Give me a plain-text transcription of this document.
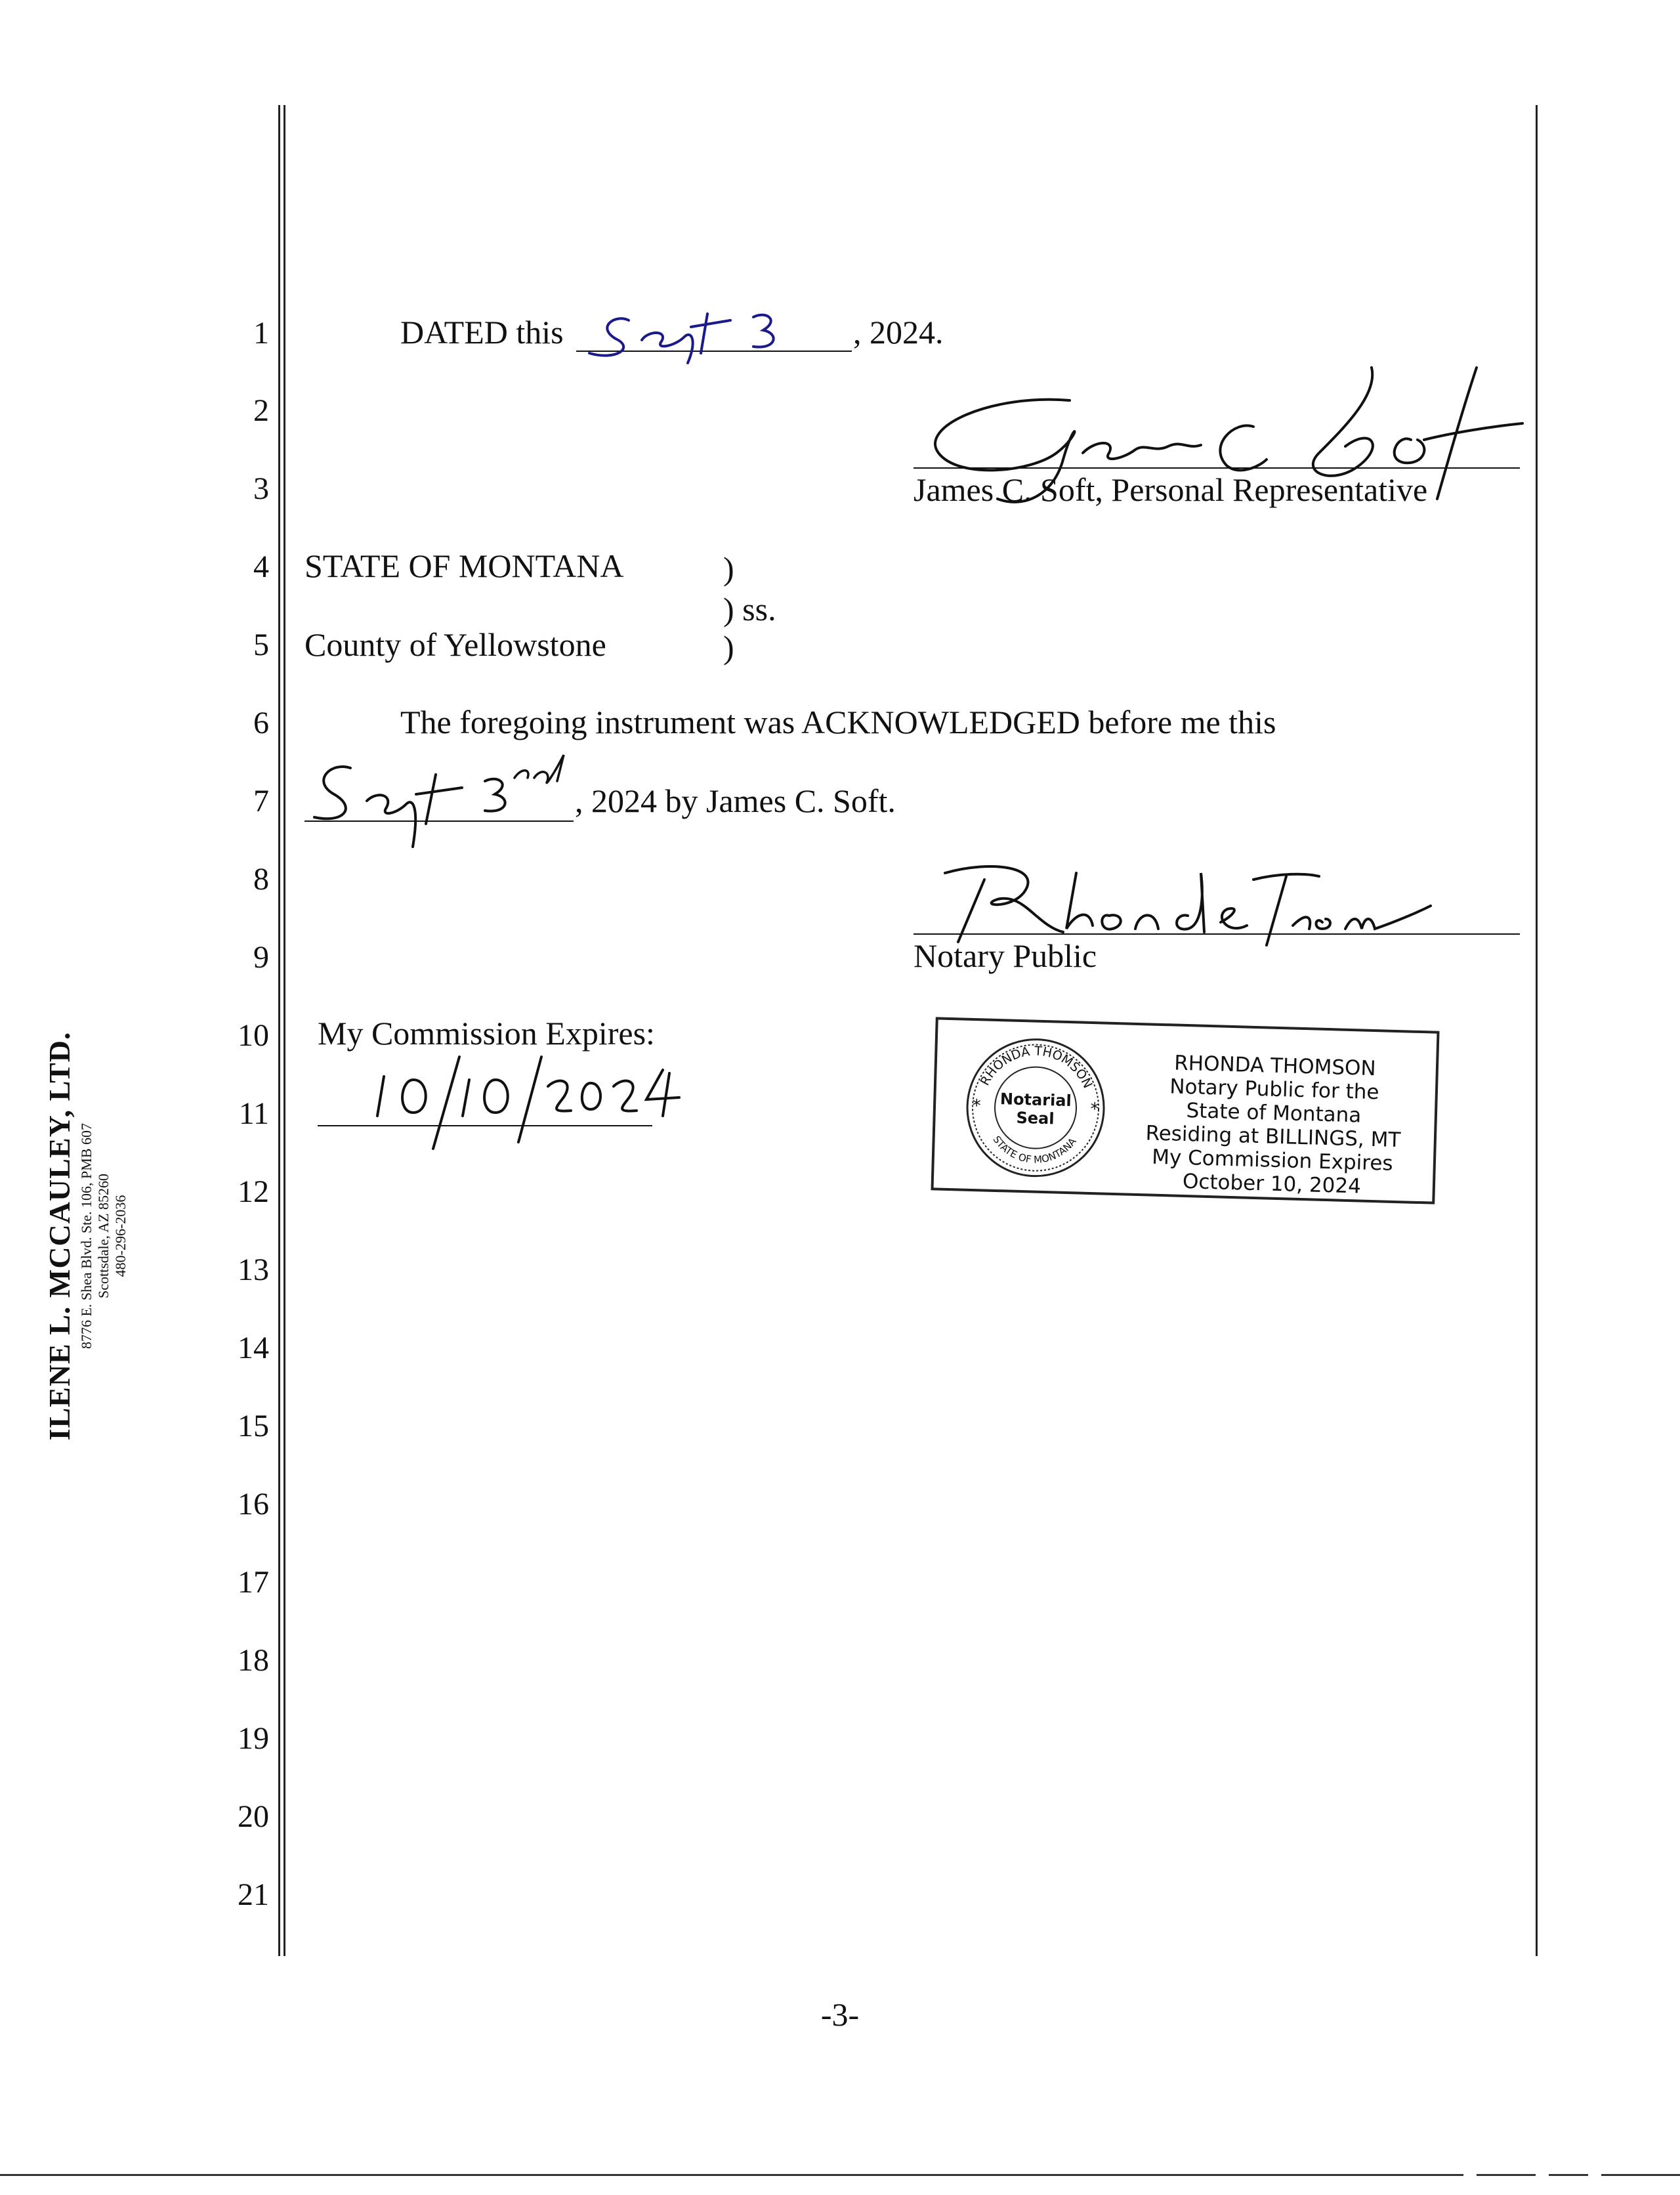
ILENE L. MCCAULEY, LTD. 8776 E. Shea Blvd. Ste. 106, PMB 607 Scottsdale, AZ 85260 480-296-2036
1
2
3
4
5
6
7
8
9
10
11
12
13
14
15
16
17
18
19
20
21
DATED this	, 2024.
James C. Soft, Personal Representative
STATE OF MONTANA	)
) ss.
County of Yellowstone	)
The foregoing instrument was ACKNOWLEDGED before me this
, 2024 by James C. Soft.
Notary Public
My Commission Expires:
RHONDA THOMSON
STATE OF MONTANA
Notarial
Seal
*	*
RHONDA THOMSON
Notary Public for the
State of Montana
Residing at BILLINGS, MT
My Commission Expires
October 10, 2024
-3-
